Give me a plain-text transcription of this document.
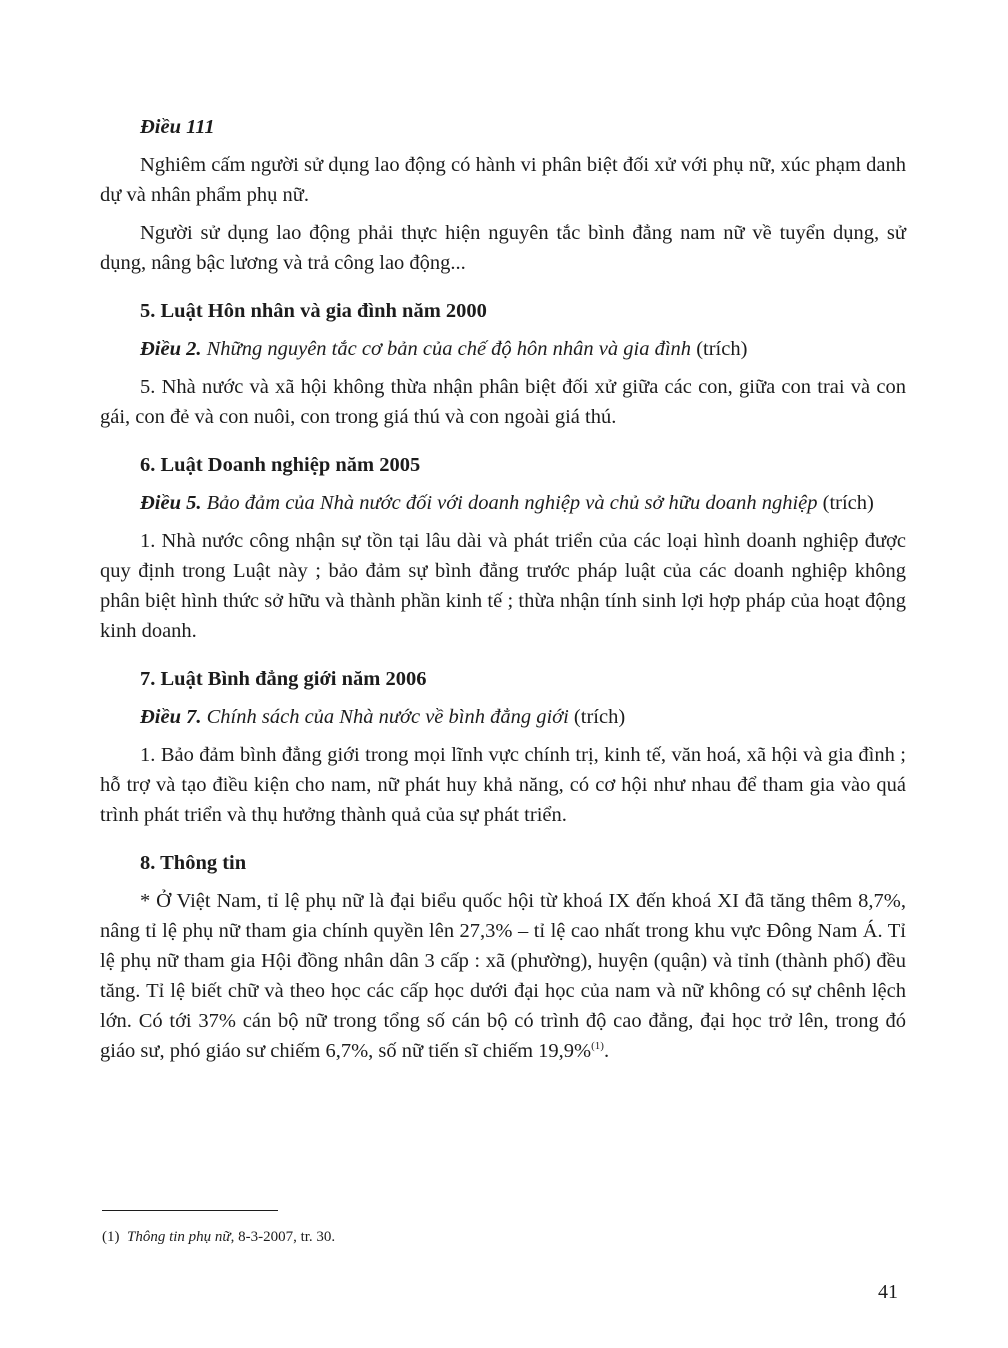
Điều 111

Nghiêm cấm người sử dụng lao động có hành vi phân biệt đối xử với phụ nữ, xúc phạm danh dự và nhân phẩm phụ nữ.

Người sử dụng lao động phải thực hiện nguyên tắc bình đẳng nam nữ về tuyển dụng, sử dụng, nâng bậc lương và trả công lao động...

5. Luật Hôn nhân và gia đình năm 2000

Điều 2. Những nguyên tắc cơ bản của chế độ hôn nhân và gia đình (trích)

5. Nhà nước và xã hội không thừa nhận phân biệt đối xử giữa các con, giữa con trai và con gái, con đẻ và con nuôi, con trong giá thú và con ngoài giá thú.

6. Luật Doanh nghiệp năm 2005

Điều 5. Bảo đảm của Nhà nước đối với doanh nghiệp và chủ sở hữu doanh nghiệp (trích)

1. Nhà nước công nhận sự tồn tại lâu dài và phát triển của các loại hình doanh nghiệp được quy định trong Luật này ; bảo đảm sự bình đẳng trước pháp luật của các doanh nghiệp không phân biệt hình thức sở hữu và thành phần kinh tế ; thừa nhận tính sinh lợi hợp pháp của hoạt động kinh doanh.

7. Luật Bình đẳng giới năm 2006

Điều 7. Chính sách của Nhà nước về bình đẳng giới (trích)

1. Bảo đảm bình đẳng giới trong mọi lĩnh vực chính trị, kinh tế, văn hoá, xã hội và gia đình ; hỗ trợ và tạo điều kiện cho nam, nữ phát huy khả năng, có cơ hội như nhau để tham gia vào quá trình phát triển và thụ hưởng thành quả của sự phát triển.

8. Thông tin

* Ở Việt Nam, tỉ lệ phụ nữ là đại biểu quốc hội từ khoá IX đến khoá XI đã tăng thêm 8,7%, nâng tỉ lệ phụ nữ tham gia chính quyền lên 27,3% – tỉ lệ cao nhất trong khu vực Đông Nam Á. Tỉ lệ phụ nữ tham gia Hội đồng nhân dân 3 cấp : xã (phường), huyện (quận) và tỉnh (thành phố) đều tăng. Tỉ lệ biết chữ và theo học các cấp học dưới đại học của nam và nữ không có sự chênh lệch lớn. Có tới 37% cán bộ nữ trong tổng số cán bộ có trình độ cao đẳng, đại học trở lên, trong đó giáo sư, phó giáo sư chiếm 6,7%, số nữ tiến sĩ chiếm 19,9%$^{(1)}$.

(1) Thông tin phụ nữ, 8-3-2007, tr. 30.
41
